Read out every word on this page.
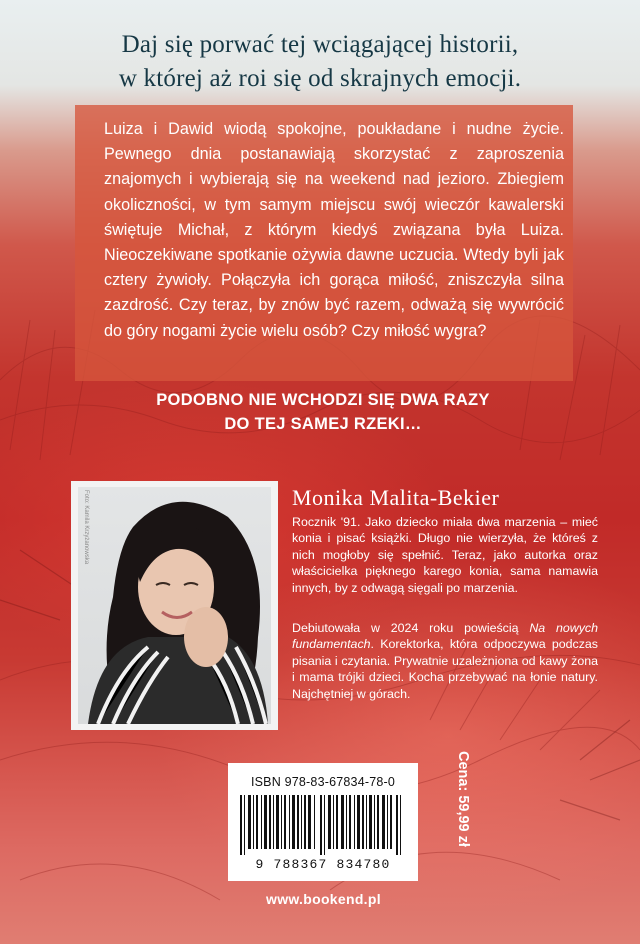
Daj się porwać tej wciągającej historii,
w której aż roi się od skrajnych emocji.

Luiza i Dawid wiodą spokojne, poukładane i nudne życie. Pewnego dnia postanawiają skorzystać z zaproszenia znajomych i wybierają się na weekend nad jezioro. Zbiegiem okoliczności, w tym samym miejscu swój wieczór kawalerski świętuje Michał, z którym kiedyś związana była Luiza. Nieoczekiwane spotkanie ożywia dawne uczucia. Wtedy byli jak cztery żywioły. Połączyła ich gorąca miłość, zniszczyła silna zazdrość. Czy teraz, by znów być razem, odważą się wywrócić do góry nogami życie wielu osób? Czy miłość wygra?

PODOBNO NIE WCHODZI SIĘ DWA RAZY
DO TEJ SAMEJ RZEKI…
Foto: Kamila Krzyżanowska	Monika Malita-Bekier

Rocznik '91. Jako dziecko miała dwa marzenia – mieć konia i pisać książki. Długo nie wierzyła, że któreś z nich mogłoby się spełnić. Teraz, jako autorka oraz właścicielka pięknego karego konia, sama namawia innych, by z odwagą sięgali po marzenia.

Debiutowała w 2024 roku powieścią Na nowych fundamentach. Korektorka, która odpoczywa podczas pisania i czytania. Prywatnie uzależniona od kawy żona i mama trójki dzieci. Kocha przebywać na łonie natury. Najchętniej w górach.

ISBN 978-83-67834-78-0
9 788367 834780
Cena: 59,99 zł
www.bookend.pl
